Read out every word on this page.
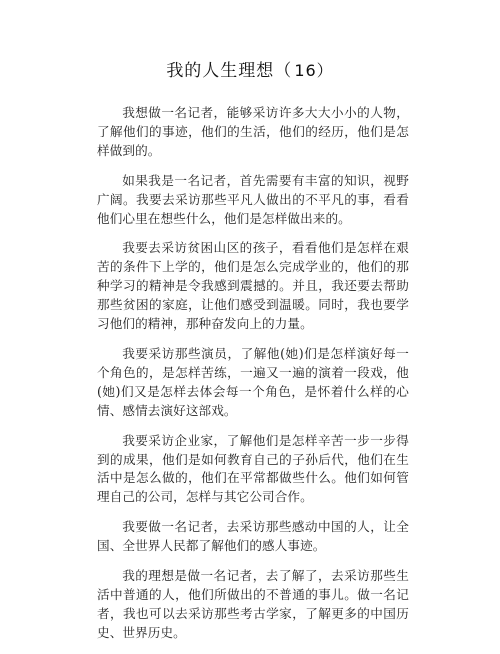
我的人生理想（ 16）

我想做一名记者，能够采访许多大大小小的人物，了解他们的事迹，他们的生活，他们的经历，他们是怎样做到的。

如果我是一名记者，首先需要有丰富的知识，视野广阔。我要去采访那些平凡人做出的不平凡的事，看看他们心里在想些什么，他们是怎样做出来的。

我要去采访贫困山区的孩子，看看他们是怎样在艰苦的条件下上学的，他们是怎么完成学业的，他们的那种学习的精神是令我感到震撼的。并且，我还要去帮助那些贫困的家庭，让他们感受到温暖。同时，我也要学习他们的精神，那种奋发向上的力量。

我要采访那些演员，了解他(她)们是怎样演好每一个角色的，是怎样苦练，一遍又一遍的演着一段戏，他(她)们又是怎样去体会每一个角色，是怀着什么样的心情、感情去演好这部戏。

我要采访企业家，了解他们是怎样辛苦一步一步得到的成果，他们是如何教育自己的子孙后代，他们在生活中是怎么做的，他们在平常都做些什么。他们如何管理自己的公司，怎样与其它公司合作。

我要做一名记者，去采访那些感动中国的人，让全国、全世界人民都了解他们的感人事迹。

我的理想是做一名记者，去了解了，去采访那些生活中普通的人，他们所做出的不普通的事儿。做一名记者，我也可以去采访那些考古学家，了解更多的中国历史、世界历史。
